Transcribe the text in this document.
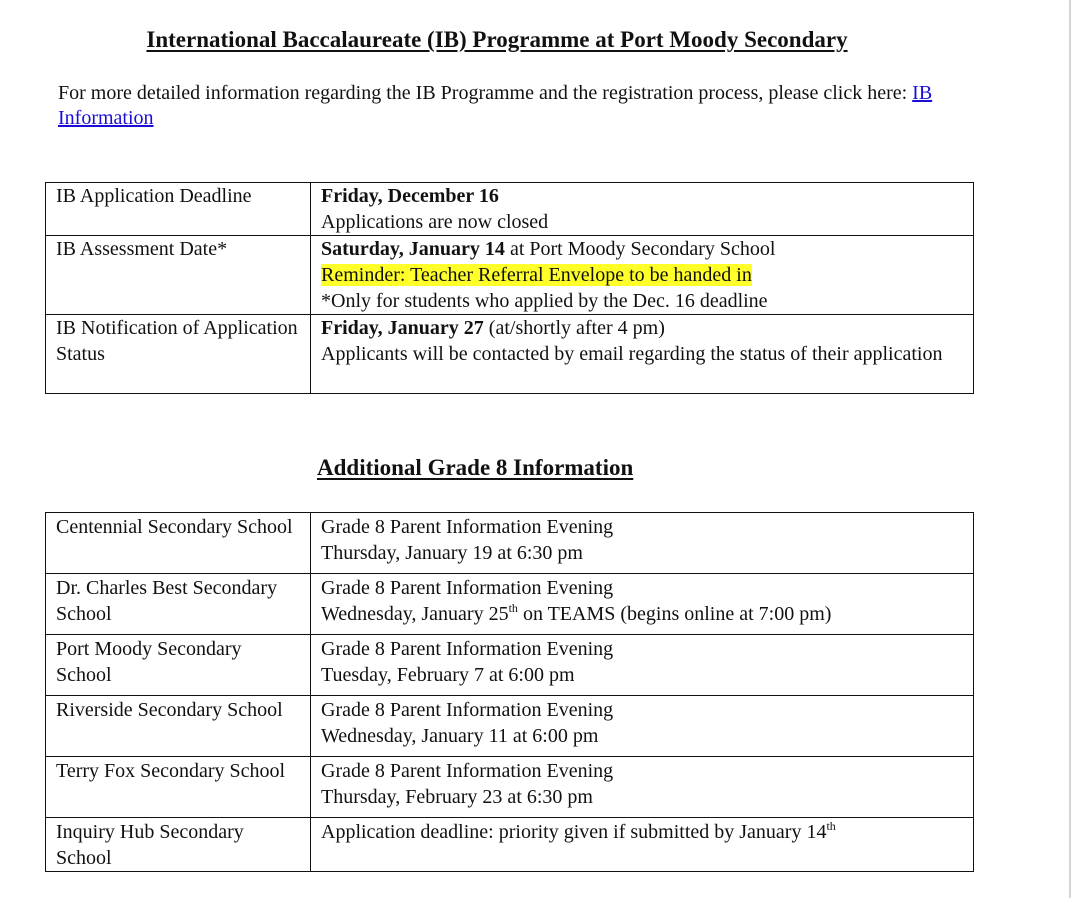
International Baccalaureate (IB) Programme at Port Moody Secondary

For more detailed information regarding the IB Programme and the registration process, please click here: IB Information

IB Application Deadline	Friday, December 16
Applications are now closed
IB Assessment Date*	Saturday, January 14 at Port Moody Secondary School
Reminder: Teacher Referral Envelope to be handed in
*Only for students who applied by the Dec. 16 deadline
IB Notification of Application Status	Friday, January 27 (at/shortly after 4 pm)
Applicants will be contacted by email regarding the status of their application
Additional Grade 8 Information
Centennial Secondary School	Grade 8 Parent Information Evening
Thursday, January 19 at 6:30 pm
Dr. Charles Best Secondary School	Grade 8 Parent Information Evening
Wednesday, January 25th on TEAMS (begins online at 7:00 pm)
Port Moody Secondary School	Grade 8 Parent Information Evening
Tuesday, February 7 at 6:00 pm
Riverside Secondary School	Grade 8 Parent Information Evening
Wednesday, January 11 at 6:00 pm
Terry Fox Secondary School	Grade 8 Parent Information Evening
Thursday, February 23 at 6:30 pm
Inquiry Hub Secondary School	Application deadline: priority given if submitted by January 14th
